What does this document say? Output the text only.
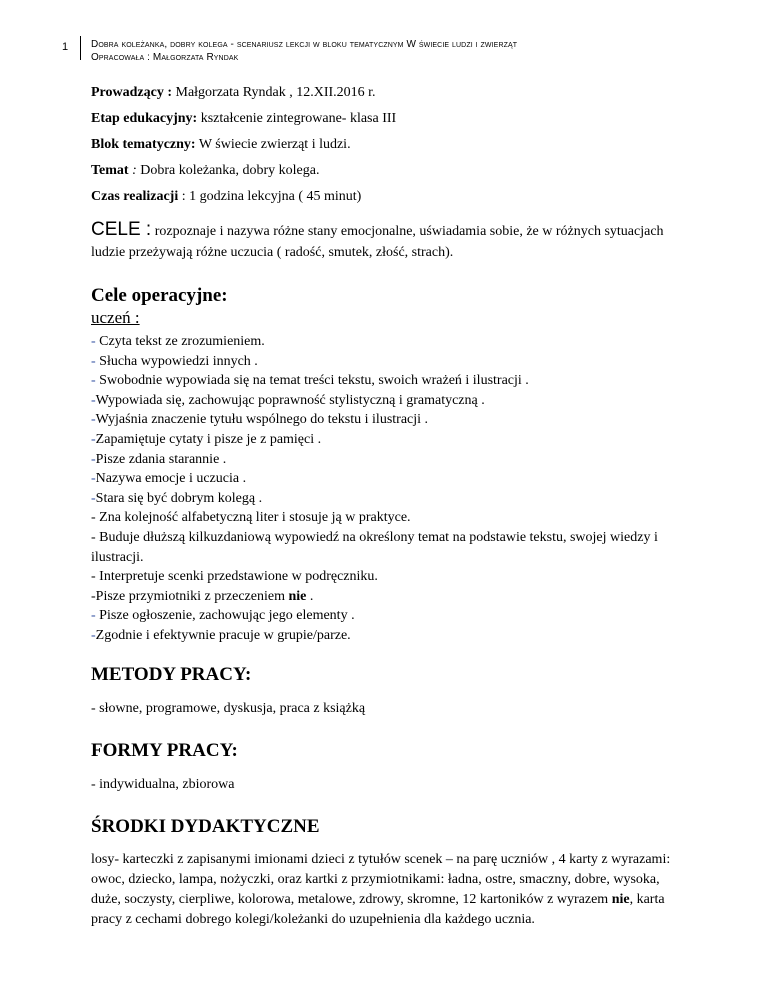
1 Dobra koleżanka, dobry kolega - scenariusz lekcji w bloku tematycznym W świecie ludzi i zwierząt
Opracowała : Małgorzata Ryndak
Prowadzący : Małgorzata Ryndak , 12.XII.2016 r.
Etap edukacyjny: kształcenie zintegrowane- klasa III
Blok tematyczny: W świecie zwierząt i ludzi.
Temat : Dobra koleżanka, dobry kolega.
Czas realizacji : 1 godzina lekcyjna ( 45 minut)
CELE : rozpoznaje i nazywa różne stany emocjonalne, uświadamia sobie, że w różnych sytuacjach ludzie przeżywają różne uczucia ( radość, smutek, złość, strach).
Cele operacyjne:
uczeń :
- Czyta tekst ze zrozumieniem.
- Słucha wypowiedzi innych .
- Swobodnie wypowiada się na temat treści tekstu, swoich wrażeń i ilustracji .
-Wypowiada się, zachowując poprawność stylistyczną i gramatyczną .
-Wyjaśnia znaczenie tytułu wspólnego do tekstu i ilustracji .
-Zapamiętuje cytaty i pisze je z pamięci .
-Pisze zdania starannie .
-Nazywa emocje i uczucia .
-Stara się być dobrym kolegą .
- Zna kolejność alfabetyczną liter i stosuje ją w praktyce.
- Buduje dłuższą kilkuzdaniową wypowiedź na określony temat na podstawie tekstu, swojej wiedzy i ilustracji.
- Interpretuje scenki przedstawione w podręczniku.
-Pisze przymiotniki z przeczeniem nie .
- Pisze ogłoszenie, zachowując jego elementy .
-Zgodnie i efektywnie pracuje w grupie/parze.
METODY PRACY:
- słowne, programowe, dyskusja, praca z książką
FORMY PRACY:
- indywidualna, zbiorowa
ŚRODKI DYDAKTYCZNE
losy- karteczki z zapisanymi imionami dzieci z tytułów scenek – na parę uczniów , 4 karty z wyrazami: owoc, dziecko, lampa, nożyczki, oraz kartki z przymiotnikami: ładna, ostre, smaczny, dobre, wysoka, duże, soczysty, cierpliwe, kolorowa, metalowe, zdrowy, skromne, 12 kartoników z wyrazem nie, karta pracy z cechami dobrego kolegi/koleżanki do uzupełnienia dla każdego ucznia.
